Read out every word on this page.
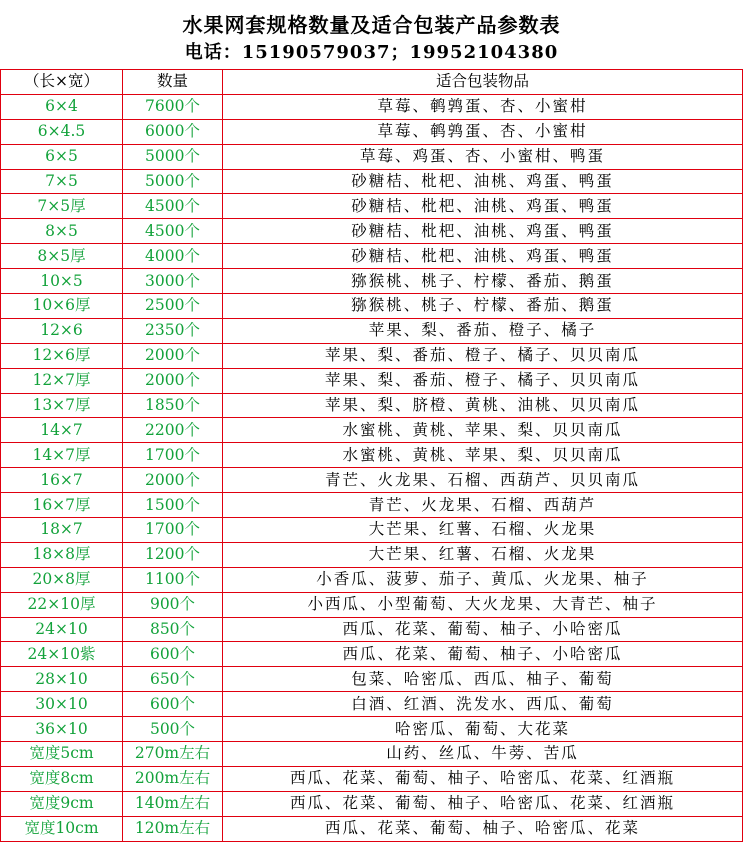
水果网套规格数量及适合包装产品参数表
电话：15190579037；19952104380
（长×宽）	数量	适合包装物品
6×4	7600个	草莓、鹌鹑蛋、杏、小蜜柑
6×4.5	6000个	草莓、鹌鹑蛋、杏、小蜜柑
6×5	5000个	草莓、鸡蛋、杏、小蜜柑、鸭蛋
7×5	5000个	砂糖桔、枇杷、油桃、鸡蛋、鸭蛋
7×5厚	4500个	砂糖桔、枇杷、油桃、鸡蛋、鸭蛋
8×5	4500个	砂糖桔、枇杷、油桃、鸡蛋、鸭蛋
8×5厚	4000个	砂糖桔、枇杷、油桃、鸡蛋、鸭蛋
10×5	3000个	猕猴桃、桃子、柠檬、番茄、鹅蛋
10×6厚	2500个	猕猴桃、桃子、柠檬、番茄、鹅蛋
12×6	2350个	苹果、梨、番茄、橙子、橘子
12×6厚	2000个	苹果、梨、番茄、橙子、橘子、贝贝南瓜
12×7厚	2000个	苹果、梨、番茄、橙子、橘子、贝贝南瓜
13×7厚	1850个	苹果、梨、脐橙、黄桃、油桃、贝贝南瓜
14×7	2200个	水蜜桃、黄桃、苹果、梨、贝贝南瓜
14×7厚	1700个	水蜜桃、黄桃、苹果、梨、贝贝南瓜
16×7	2000个	青芒、火龙果、石榴、西葫芦、贝贝南瓜
16×7厚	1500个	青芒、火龙果、石榴、西葫芦
18×7	1700个	大芒果、红薯、石榴、火龙果
18×8厚	1200个	大芒果、红薯、石榴、火龙果
20×8厚	1100个	小香瓜、菠萝、茄子、黄瓜、火龙果、柚子
22×10厚	900个	小西瓜、小型葡萄、大火龙果、大青芒、柚子
24×10	850个	西瓜、花菜、葡萄、柚子、小哈密瓜
24×10紫	600个	西瓜、花菜、葡萄、柚子、小哈密瓜
28×10	650个	包菜、哈密瓜、西瓜、柚子、葡萄
30×10	600个	白酒、红酒、洗发水、西瓜、葡萄
36×10	500个	哈密瓜、葡萄、大花菜
宽度5cm	270m左右	山药、丝瓜、牛蒡、苦瓜
宽度8cm	200m左右	西瓜、花菜、葡萄、柚子、哈密瓜、花菜、红酒瓶
宽度9cm	140m左右	西瓜、花菜、葡萄、柚子、哈密瓜、花菜、红酒瓶
宽度10cm	120m左右	西瓜、花菜、葡萄、柚子、哈密瓜、花菜
